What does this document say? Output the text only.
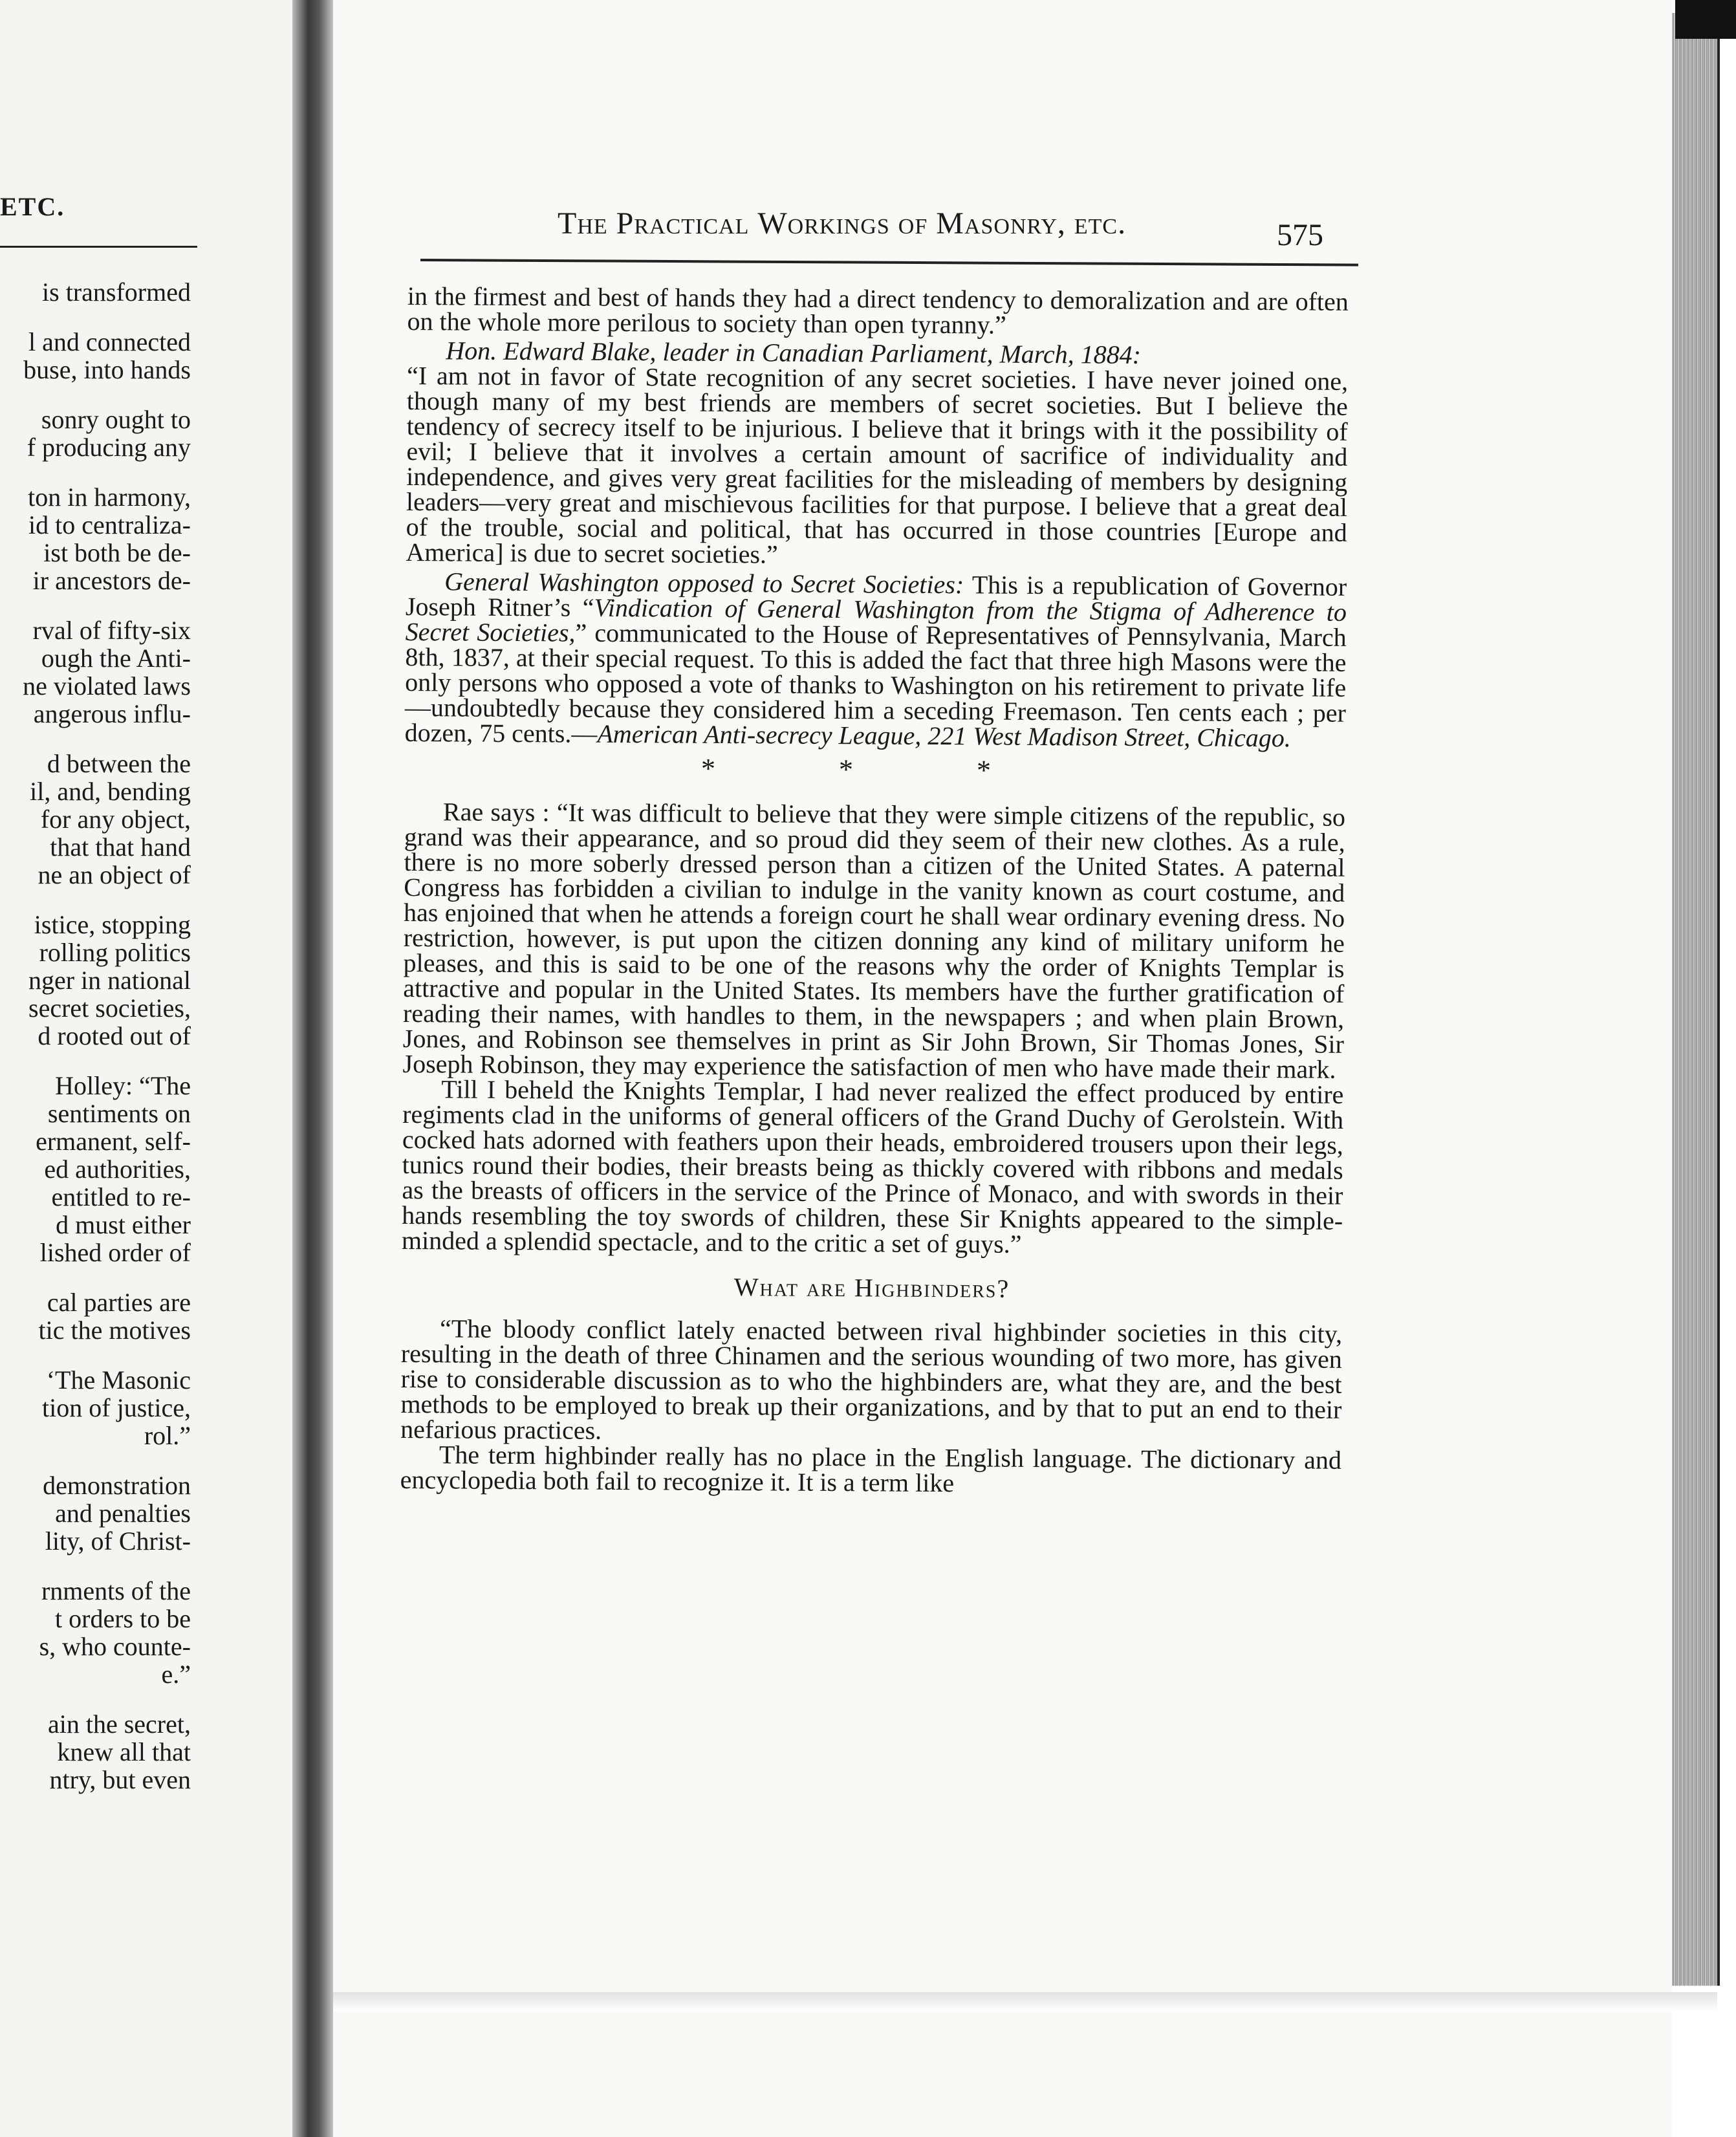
ETC.
is transformed
l and connected
buse, into hands
sonry ought to
f producing any
ton in harmony,
id to centraliza-
ist both be de-
ir ancestors de-
rval of fifty-six
ough the Anti-
ne violated laws
angerous influ-
d between the
il, and, bending
for any object,
that that hand
ne an object of
istice, stopping
rolling politics
nger in national
secret societies,
d rooted out of
Holley: “The
sentiments on
ermanent, self-
ed authorities,
entitled to re-
d must either
lished order of
cal parties are
tic the motives
‘The Masonic
tion of justice,
rol.”
demonstration
and penalties
lity, of Christ-
rnments of the
t orders to be
s, who counte-
e.”
ain the secret,
knew all that
ntry, but even
The Practical Workings of Masonry, etc.	575

in the firmest and best of hands they had a direct tendency to demoralization and are often on the whole more perilous to society than open tyranny.”

Hon. Edward Blake, leader in Canadian Parliament, March, 1884:

“I am not in favor of State recognition of any secret societies. I have never joined one, though many of my best friends are members of secret societies. But I believe the tendency of secrecy itself to be injurious. I believe that it brings with it the possibility of evil; I believe that it involves a certain amount of sacrifice of individuality and independence, and gives very great facilities for the misleading of members by designing leaders—very great and mischievous facilities for that purpose. I believe that a great deal of the trouble, social and political, that has occurred in those countries [Europe and America] is due to secret societies.”

General Washington opposed to Secret Societies: This is a republication of Governor Joseph Ritner’s “Vindication of General Washington from the Stigma of Adherence to Secret Societies,” communicated to the House of Representatives of Pennsylvania, March 8th, 1837, at their special request. To this is added the fact that three high Masons were the only persons who opposed a vote of thanks to Washington on his retirement to private life—undoubtedly because they considered him a seceding Freemason. Ten cents each ; per dozen, 75 cents.—American Anti-secrecy League, 221 West Madison Street, Chicago.

* * *

Rae says : “It was difficult to believe that they were simple citizens of the republic, so grand was their appearance, and so proud did they seem of their new clothes. As a rule, there is no more soberly dressed person than a citizen of the United States. A paternal Congress has forbidden a civilian to indulge in the vanity known as court costume, and has enjoined that when he attends a foreign court he shall wear ordinary evening dress. No restriction, however, is put upon the citizen donning any kind of military uniform he pleases, and this is said to be one of the reasons why the order of Knights Templar is attractive and popular in the United States. Its members have the further gratification of reading their names, with handles to them, in the newspapers ; and when plain Brown, Jones, and Robinson see themselves in print as Sir John Brown, Sir Thomas Jones, Sir Joseph Robinson, they may experience the satisfaction of men who have made their mark.

Till I beheld the Knights Templar, I had never realized the effect produced by entire regiments clad in the uniforms of general officers of the Grand Duchy of Gerolstein. With cocked hats adorned with feathers upon their heads, embroidered trousers upon their legs, tunics round their bodies, their breasts being as thickly covered with ribbons and medals as the breasts of officers in the service of the Prince of Monaco, and with swords in their hands resembling the toy swords of children, these Sir Knights appeared to the simple-minded a splendid spectacle, and to the critic a set of guys.”

What are Highbinders?

“The bloody conflict lately enacted between rival highbinder societies in this city, resulting in the death of three Chinamen and the serious wounding of two more, has given rise to considerable discussion as to who the highbinders are, what they are, and the best methods to be employed to break up their organizations, and by that to put an end to their nefarious practices.

The term highbinder really has no place in the English language. The dictionary and encyclopedia both fail to recognize it. It is a term like
